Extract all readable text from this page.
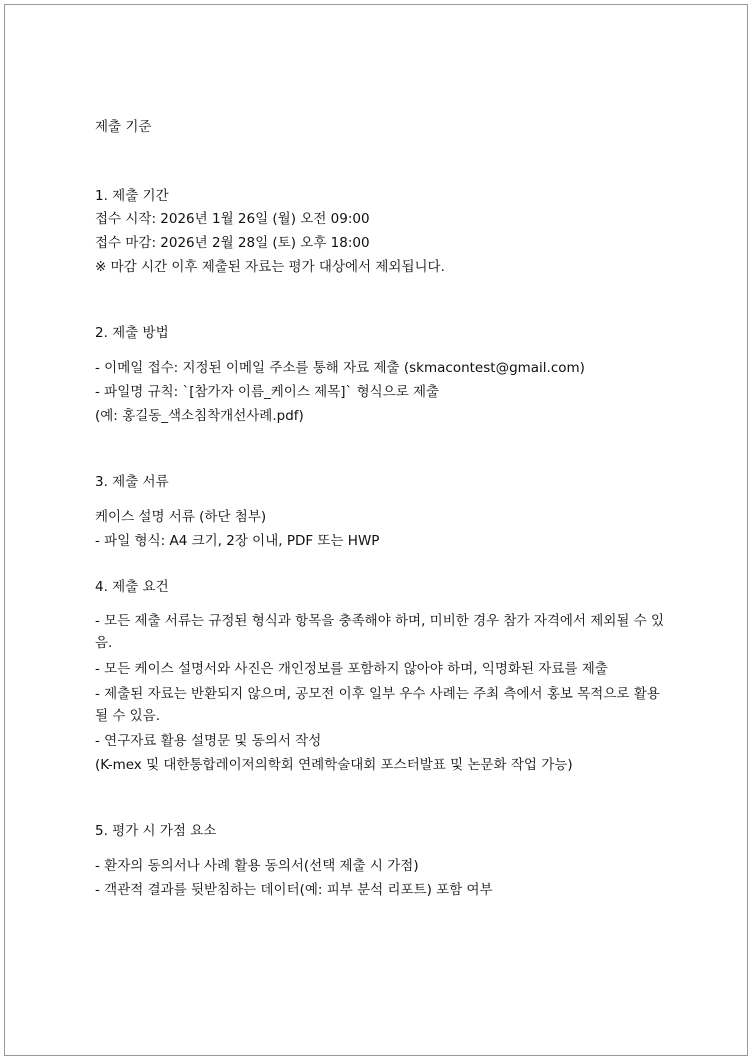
제출 기준
1. 제출 기간
접수 시작: 2026년 1월 26일 (월) 오전 09:00
접수 마감: 2026년 2월 28일 (토) 오후 18:00
※ 마감 시간 이후 제출된 자료는 평가 대상에서 제외됩니다.
2. 제출 방법
- 이메일 접수: 지정된 이메일 주소를 통해 자료 제출 (skmacontest@gmail.com)
- 파일명 규칙: `[참가자 이름_케이스 제목]` 형식으로 제출
(예: 홍길동_색소침착개선사례.pdf)
3. 제출 서류
케이스 설명 서류 (하단 첨부)
- 파일 형식: A4 크기, 2장 이내, PDF 또는 HWP
4. 제출 요건
- 모든 제출 서류는 규정된 형식과 항목을 충족해야 하며, 미비한 경우 참가 자격에서 제외될 수 있음.
- 모든 케이스 설명서와 사진은 개인정보를 포함하지 않아야 하며, 익명화된 자료를 제출
- 제출된 자료는 반환되지 않으며, 공모전 이후 일부 우수 사례는 주최 측에서 홍보 목적으로 활용될 수 있음.
- 연구자료 활용 설명문 및 동의서 작성
(K-mex 및 대한통합레이저의학회 연례학술대회 포스터발표 및 논문화 작업 가능)
5. 평가 시 가점 요소
- 환자의 동의서나 사례 활용 동의서(선택 제출 시 가점)
- 객관적 결과를 뒷받침하는 데이터(예: 피부 분석 리포트) 포함 여부
